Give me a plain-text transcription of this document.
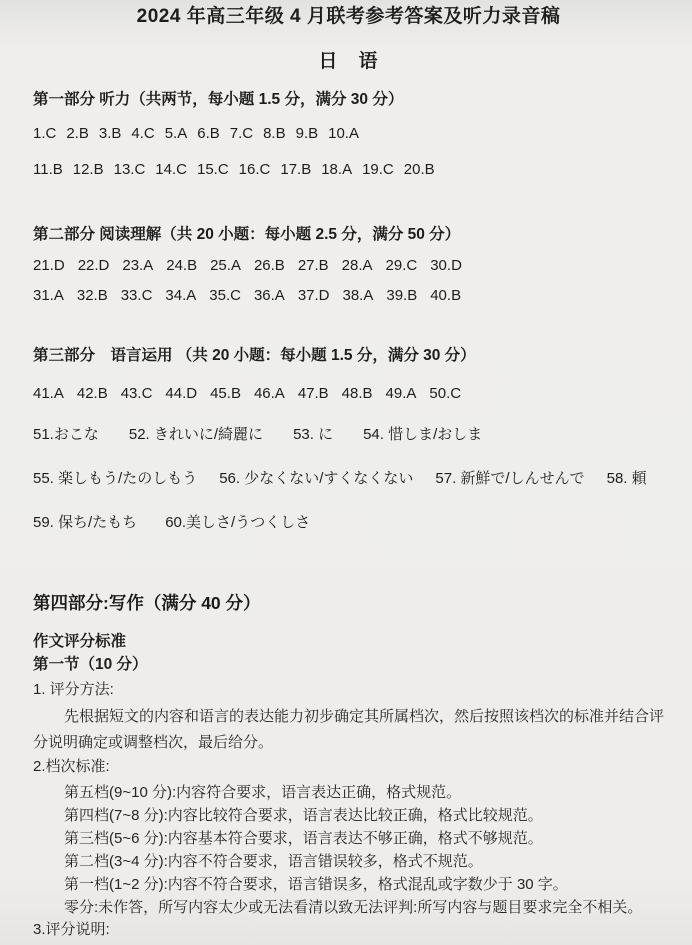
2024 年高三年级 4 月联考参考答案及听力录音稿
日　语
第一部分 听力（共两节，每小题 1.5 分，满分 30 分）
1.C 2.B 3.B 4.C 5.A 6.B 7.C 8.B 9.B 10.A
11.B 12.B 13.C 14.C 15.C 16.C 17.B 18.A 19.C 20.B
第二部分 阅读理解（共 20 小题：每小题 2.5 分，满分 50 分）
21.D 22.D 23.A 24.B 25.A 26.B 27.B 28.A 29.C 30.D
31.A 32.B 33.C 34.A 35.C 36.A 37.D 38.A 39.B 40.B
第三部分　语言运用 （共 20 小题：每小题 1.5 分，满分 30 分）
41.A 42.B 43.C 44.D 45.B 46.A 47.B 48.B 49.A 50.C
51.おこな 52. きれいに/綺麗に 53. に 54. 惜しま/おしま
55. 楽しもう/たのしもう 56. 少なくない/すくなくない 57. 新鮮で/しんせんで 58. 頼
59. 保ち/たもち 60.美しさ/うつくしさ
第四部分:写作（满分 40 分）
作文评分标准
第一节（10 分）
1. 评分方法:

先根据短文的内容和语言的表达能力初步确定其所属档次，然后按照该档次的标准并结合评分说明确定或调整档次，最后给分。

2.档次标准:
第五档(9~10 分):内容符合要求，语言表达正确，格式规范。
第四档(7~8 分):内容比较符合要求，语言表达比较正确，格式比较规范。
第三档(5~6 分):内容基本符合要求，语言表达不够正确，格式不够规范。
第二档(3~4 分):内容不符合要求，语言错误较多，格式不规范。
第一档(1~2 分):内容不符合要求，语言错误多，格式混乱或字数少于 30 字。
零分:未作答，所写内容太少或无法看清以致无法评判:所写内容与题目要求完全不相关。
3.评分说明:
